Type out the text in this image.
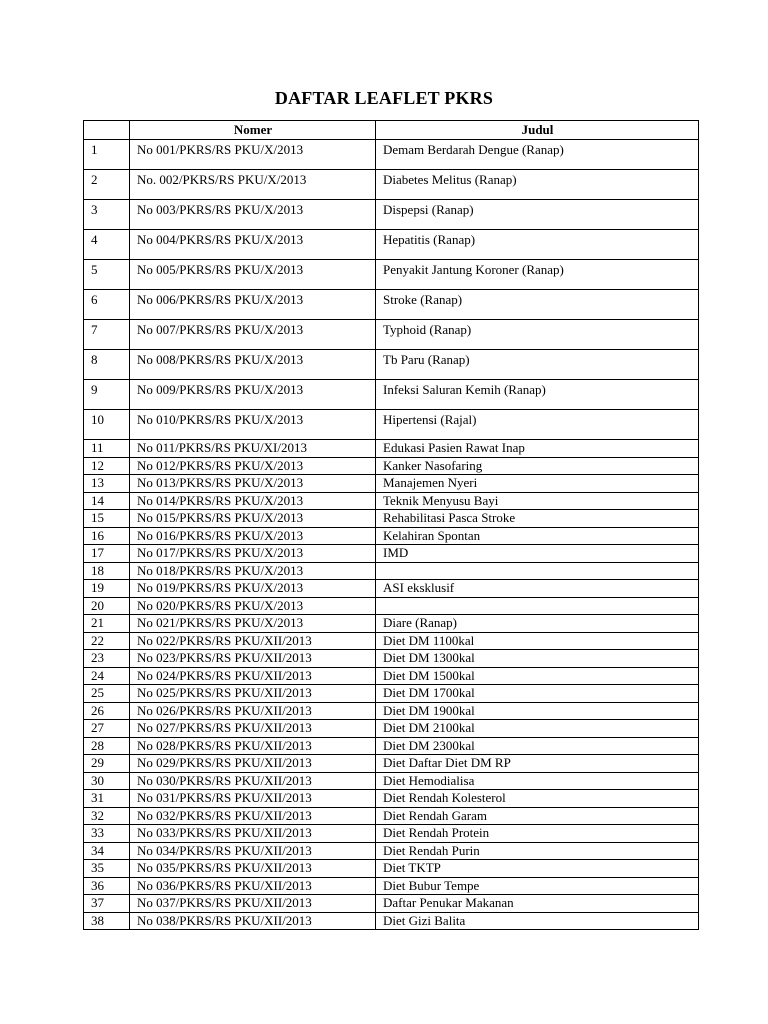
DAFTAR LEAFLET PKRS
	Nomer	Judul
1	No 001/PKRS/RS PKU/X/2013	Demam Berdarah Dengue (Ranap)
2	No. 002/PKRS/RS PKU/X/2013	Diabetes Melitus (Ranap)
3	No 003/PKRS/RS PKU/X/2013	Dispepsi (Ranap)
4	No 004/PKRS/RS PKU/X/2013	Hepatitis (Ranap)
5	No 005/PKRS/RS PKU/X/2013	Penyakit Jantung Koroner (Ranap)
6	No 006/PKRS/RS PKU/X/2013	Stroke (Ranap)
7	No 007/PKRS/RS PKU/X/2013	Typhoid (Ranap)
8	No 008/PKRS/RS PKU/X/2013	Tb Paru (Ranap)
9	No 009/PKRS/RS PKU/X/2013	Infeksi Saluran Kemih (Ranap)
10	No 010/PKRS/RS PKU/X/2013	Hipertensi (Rajal)
11	No 011/PKRS/RS PKU/XI/2013	Edukasi Pasien Rawat Inap
12	No 012/PKRS/RS PKU/X/2013	Kanker Nasofaring
13	No 013/PKRS/RS PKU/X/2013	Manajemen Nyeri
14	No 014/PKRS/RS PKU/X/2013	Teknik Menyusu Bayi
15	No 015/PKRS/RS PKU/X/2013	Rehabilitasi Pasca Stroke
16	No 016/PKRS/RS PKU/X/2013	Kelahiran Spontan
17	No 017/PKRS/RS PKU/X/2013	IMD
18	No 018/PKRS/RS PKU/X/2013	
19	No 019/PKRS/RS PKU/X/2013	ASI eksklusif
20	No 020/PKRS/RS PKU/X/2013	
21	No 021/PKRS/RS PKU/X/2013	Diare (Ranap)
22	No 022/PKRS/RS PKU/XII/2013	Diet DM 1100kal
23	No 023/PKRS/RS PKU/XII/2013	Diet DM 1300kal
24	No 024/PKRS/RS PKU/XII/2013	Diet DM 1500kal
25	No 025/PKRS/RS PKU/XII/2013	Diet DM 1700kal
26	No 026/PKRS/RS PKU/XII/2013	Diet DM 1900kal
27	No 027/PKRS/RS PKU/XII/2013	Diet DM 2100kal
28	No 028/PKRS/RS PKU/XII/2013	Diet DM 2300kal
29	No 029/PKRS/RS PKU/XII/2013	Diet Daftar Diet DM RP
30	No 030/PKRS/RS PKU/XII/2013	Diet Hemodialisa
31	No 031/PKRS/RS PKU/XII/2013	Diet Rendah Kolesterol
32	No 032/PKRS/RS PKU/XII/2013	Diet Rendah Garam
33	No 033/PKRS/RS PKU/XII/2013	Diet Rendah Protein
34	No 034/PKRS/RS PKU/XII/2013	Diet Rendah Purin
35	No 035/PKRS/RS PKU/XII/2013	Diet TKTP
36	No 036/PKRS/RS PKU/XII/2013	Diet Bubur Tempe
37	No 037/PKRS/RS PKU/XII/2013	Daftar Penukar Makanan
38	No 038/PKRS/RS PKU/XII/2013	Diet Gizi Balita
